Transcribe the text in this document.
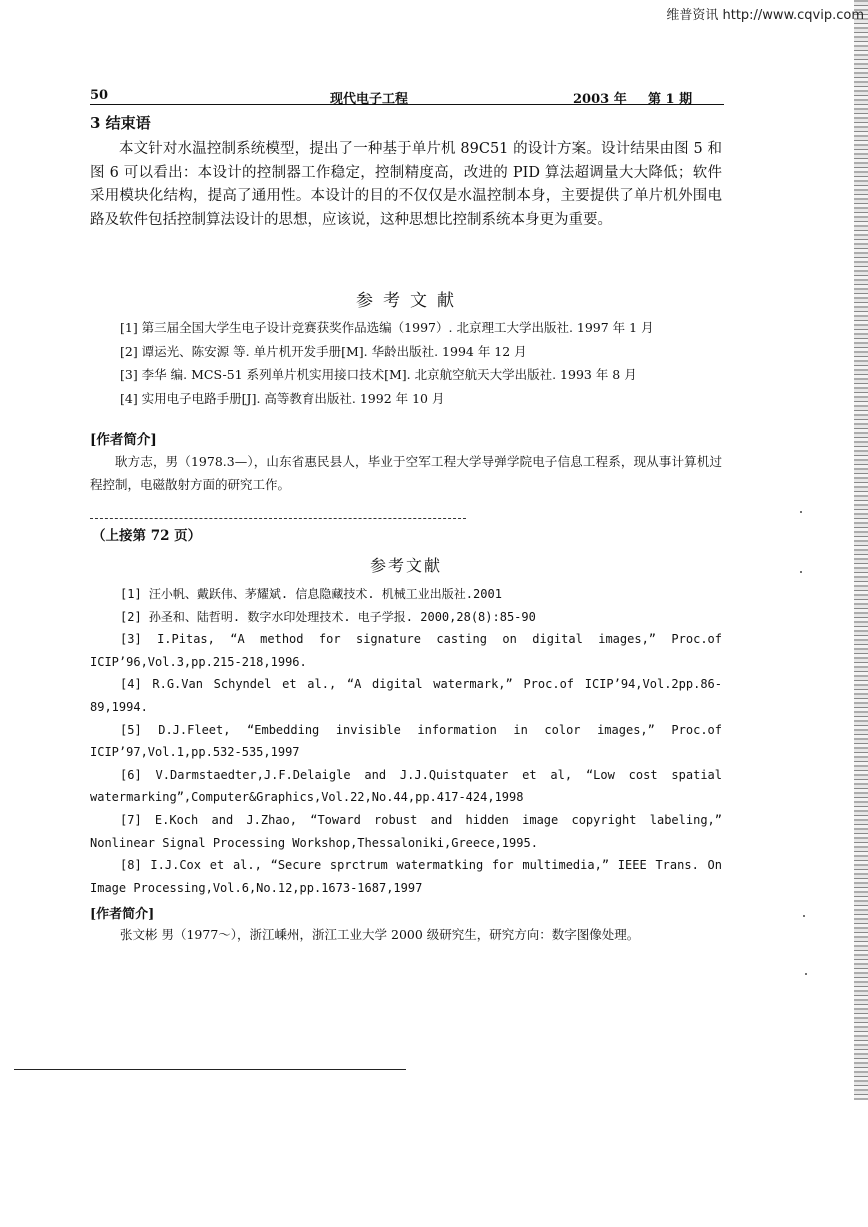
维普资讯 http://www.cqvip.com
50	现代电子工程	2003 年 第 1 期
3 结束语

本文针对水温控制系统模型，提出了一种基于单片机 89C51 的设计方案。设计结果由图 5 和图 6 可以看出：本设计的控制器工作稳定，控制精度高，改进的 PID 算法超调量大大降低；软件采用模块化结构，提高了通用性。本设计的目的不仅仅是水温控制本身，主要提供了单片机外围电路及软件包括控制算法设计的思想，应该说，这种思想比控制系统本身更为重要。

参考文献
[1] 第三届全国大学生电子设计竞赛获奖作品选编（1997）. 北京理工大学出版社. 1997 年 1 月
[2] 谭运光、陈安源 等. 单片机开发手册[M]. 华龄出版社. 1994 年 12 月
[3] 李华 编. MCS-51 系列单片机实用接口技术[M]. 北京航空航天大学出版社. 1993 年 8 月
[4] 实用电子电路手册[J]. 高等教育出版社. 1992 年 10 月
[作者简介]

耿方志，男（1978.3—），山东省惠民县人，毕业于空军工程大学导弹学院电子信息工程系，现从事计算机过程控制，电磁散射方面的研究工作。

（上接第 72 页）
参考文献

[1] 汪小帆、戴跃伟、茅耀斌. 信息隐藏技术. 机械工业出版社.2001

[2] 孙圣和、陆哲明. 数字水印处理技术. 电子学报. 2000,28(8):85-90

[3] I.Pitas, “A method for signature casting on digital images,” Proc.of ICIP’96,Vol.3,pp.215-218,1996.

[4] R.G.Van Schyndel et al., “A digital watermark,” Proc.of ICIP’94,Vol.2pp.86-89,1994.

[5] D.J.Fleet, “Embedding invisible information in color images,” Proc.of ICIP’97,Vol.1,pp.532-535,1997

[6] V.Darmstaedter,J.F.Delaigle and J.J.Quistquater et al, “Low cost spatial watermarking”,Computer&Graphics,Vol.22,No.44,pp.417-424,1998

[7] E.Koch and J.Zhao, “Toward robust and hidden image copyright labeling,” Nonlinear Signal Processing Workshop,Thessaloniki,Greece,1995.

[8] I.J.Cox et al., “Secure sprctrum watermatking for multimedia,” IEEE Trans. On Image Processing,Vol.6,No.12,pp.1673-1687,1997

[作者简介]
张文彬 男（1977～），浙江嵊州，浙江工业大学 2000 级研究生，研究方向：数字图像处理。
